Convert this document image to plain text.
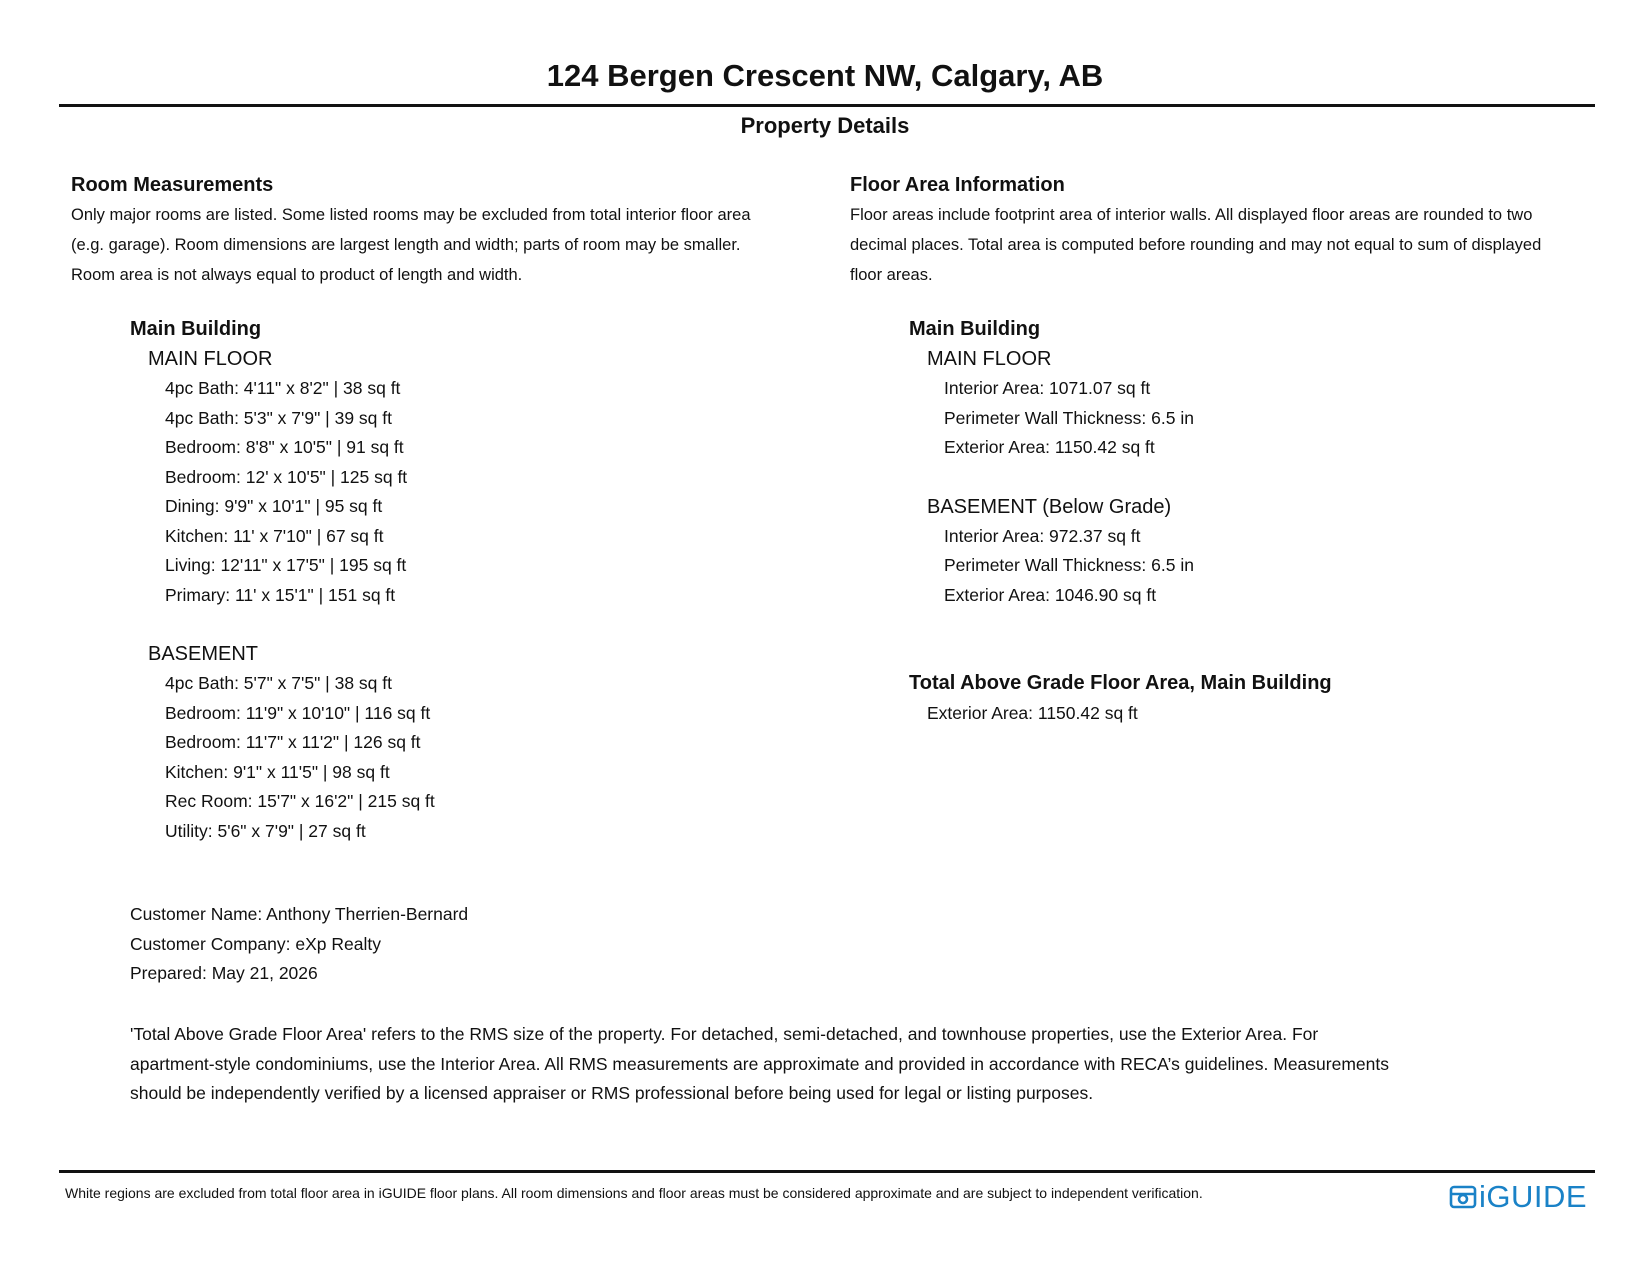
124 Bergen Crescent NW, Calgary, AB
Property Details
Room Measurements
Only major rooms are listed. Some listed rooms may be excluded from total interior floor area
(e.g. garage). Room dimensions are largest length and width; parts of room may be smaller.
Room area is not always equal to product of length and width.
Main Building
MAIN FLOOR
4pc Bath: 4'11" x 8'2" | 38 sq ft
4pc Bath: 5'3" x 7'9" | 39 sq ft
Bedroom: 8'8" x 10'5" | 91 sq ft
Bedroom: 12' x 10'5" | 125 sq ft
Dining: 9'9" x 10'1" | 95 sq ft
Kitchen: 11' x 7'10" | 67 sq ft
Living: 12'11" x 17'5" | 195 sq ft
Primary: 11' x 15'1" | 151 sq ft
BASEMENT
4pc Bath: 5'7" x 7'5" | 38 sq ft
Bedroom: 11'9" x 10'10" | 116 sq ft
Bedroom: 11'7" x 11'2" | 126 sq ft
Kitchen: 9'1" x 11'5" | 98 sq ft
Rec Room: 15'7" x 16'2" | 215 sq ft
Utility: 5'6" x 7'9" | 27 sq ft
Floor Area Information
Floor areas include footprint area of interior walls. All displayed floor areas are rounded to two
decimal places. Total area is computed before rounding and may not equal to sum of displayed
floor areas.
Main Building
MAIN FLOOR
Interior Area: 1071.07 sq ft
Perimeter Wall Thickness: 6.5 in
Exterior Area: 1150.42 sq ft
BASEMENT (Below Grade)
Interior Area: 972.37 sq ft
Perimeter Wall Thickness: 6.5 in
Exterior Area: 1046.90 sq ft
Total Above Grade Floor Area, Main Building
Exterior Area: 1150.42 sq ft
Customer Name: Anthony Therrien-Bernard
Customer Company: eXp Realty
Prepared: May 21, 2026
'Total Above Grade Floor Area' refers to the RMS size of the property. For detached, semi-detached, and townhouse properties, use the Exterior Area. For
apartment-style condominiums, use the Interior Area. All RMS measurements are approximate and provided in accordance with RECA’s guidelines. Measurements
should be independently verified by a licensed appraiser or RMS professional before being used for legal or listing purposes.
White regions are excluded from total floor area in iGUIDE floor plans. All room dimensions and floor areas must be considered approximate and are subject to independent verification.	iGUIDE
